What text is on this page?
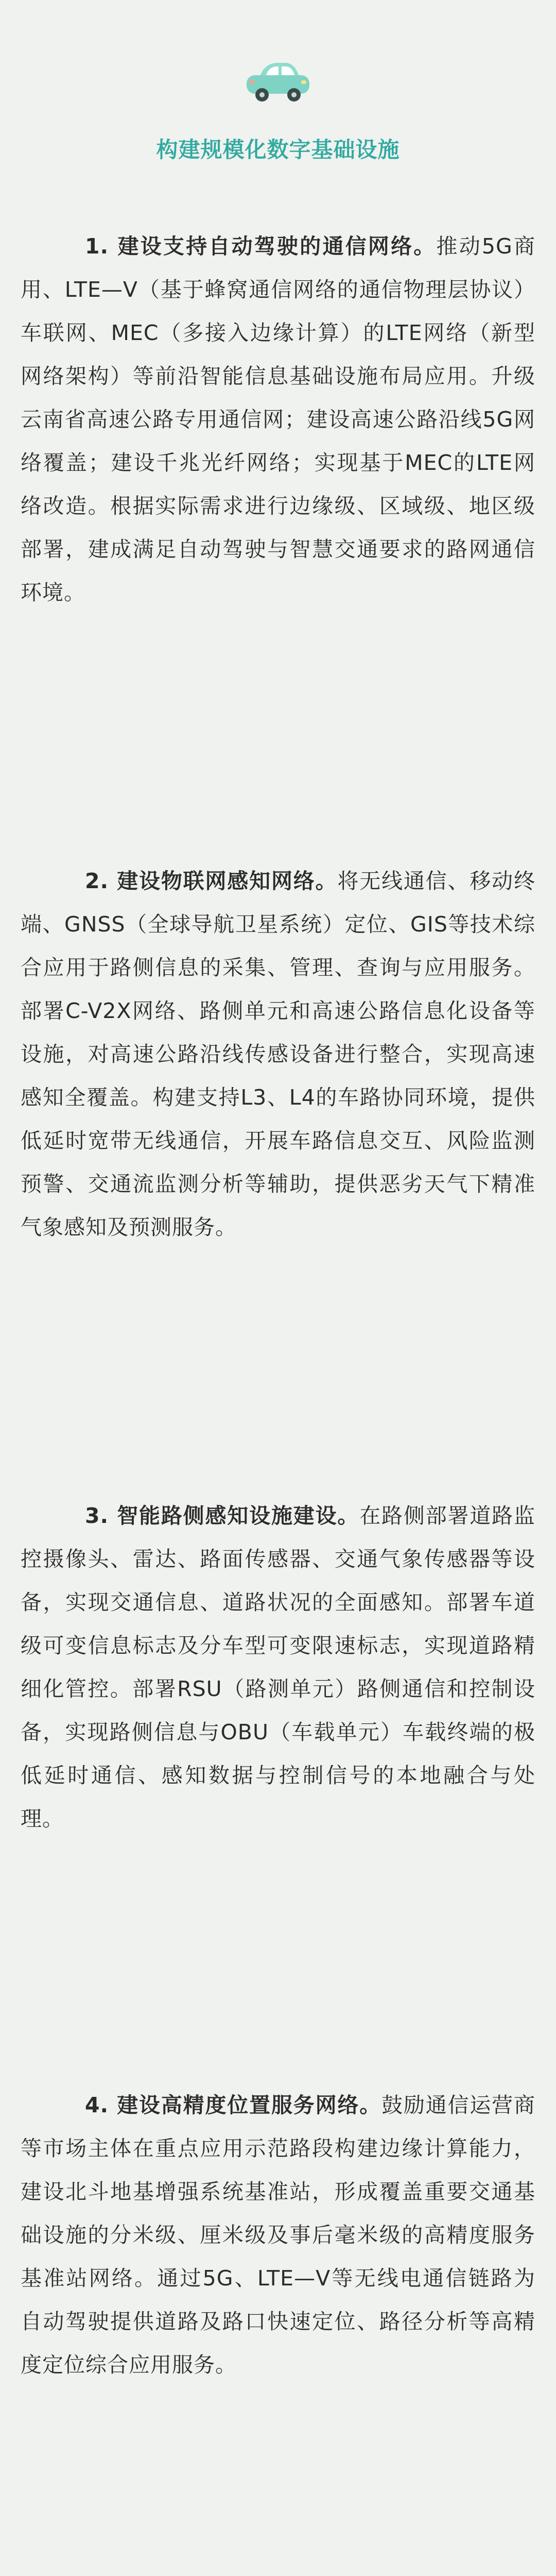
构建规模化数字基础设施

1. 建设支持自动驾驶的通信网络。推动5G商用、LTE—V（基于蜂窝通信网络的通信物理层协议）车联网、MEC（多接入边缘计算）的LTE网络（新型网络架构）等前沿智能信息基础设施布局应用。升级云南省高速公路专用通信网；建设高速公路沿线5G网络覆盖；建设千兆光纤网络；实现基于MEC的LTE网络改造。根据实际需求进行边缘级、区域级、地区级部署，建成满足自动驾驶与智慧交通要求的路网通信环境。

2. 建设物联网感知网络。将无线通信、移动终端、GNSS（全球导航卫星系统）定位、GIS等技术综合应用于路侧信息的采集、管理、查询与应用服务。部署C-V2X网络、路侧单元和高速公路信息化设备等设施，对高速公路沿线传感设备进行整合，实现高速感知全覆盖。构建支持L3、L4的车路协同环境，提供低延时宽带无线通信，开展车路信息交互、风险监测预警、交通流监测分析等辅助，提供恶劣天气下精准气象感知及预测服务。

3. 智能路侧感知设施建设。在路侧部署道路监控摄像头、雷达、路面传感器、交通气象传感器等设备，实现交通信息、道路状况的全面感知。部署车道级可变信息标志及分车型可变限速标志，实现道路精细化管控。部署RSU（路测单元）路侧通信和控制设备，实现路侧信息与OBU（车载单元）车载终端的极低延时通信、感知数据与控制信号的本地融合与处理。

4. 建设高精度位置服务网络。鼓励通信运营商等市场主体在重点应用示范路段构建边缘计算能力，建设北斗地基增强系统基准站，形成覆盖重要交通基础设施的分米级、厘米级及事后毫米级的高精度服务基准站网络。通过5G、LTE—V等无线电通信链路为自动驾驶提供道路及路口快速定位、路径分析等高精度定位综合应用服务。
